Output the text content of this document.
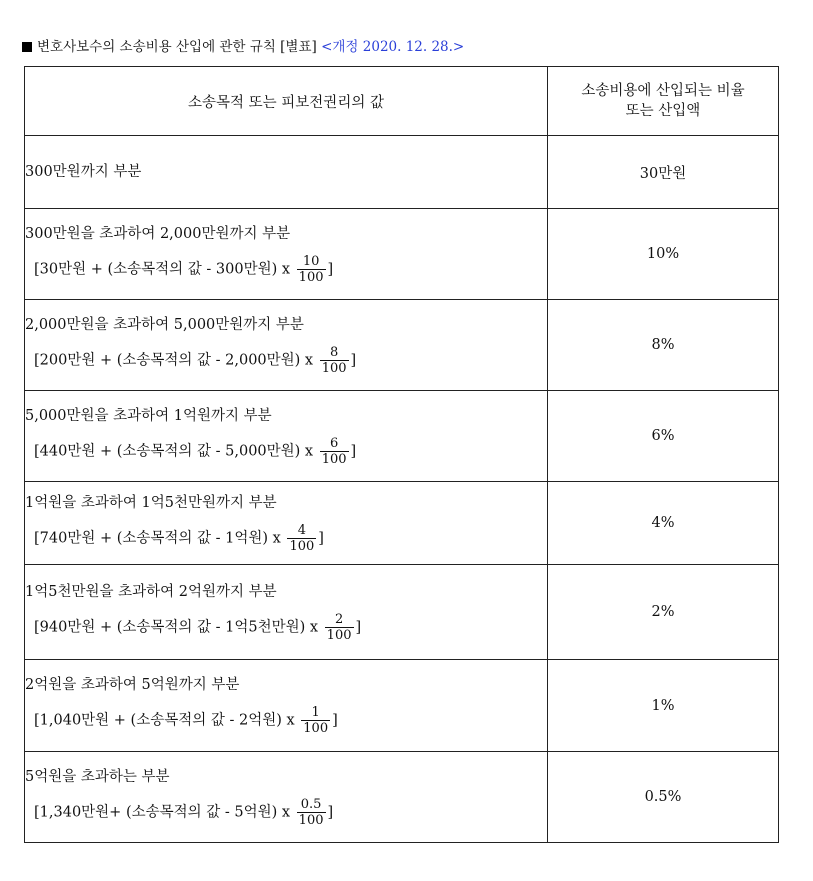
변호사보수의 소송비용 산입에 관한 규칙 [별표] <개정 2020. 12. 28.>
소송목적 또는 피보전권리의 값	소송비용에 산입되는 비율
또는 산입액

300만원까지 부분	30만원

300만원을 초과하여 2,000만원까지 부분
[30만원 + (소송목적의 값 - 300만원) x $\frac{10}{100}$ ]	10%

2,000만원을 초과하여 5,000만원까지 부분
[200만원 + (소송목적의 값 - 2,000만원) x $\frac{8}{100}$ ]	8%

5,000만원을 초과하여 1억원까지 부분
[440만원 + (소송목적의 값 - 5,000만원) x $\frac{6}{100}$ ]	6%

1억원을 초과하여 1억5천만원까지 부분
[740만원 + (소송목적의 값 - 1억원) x $\frac{4}{100}$ ]	4%

1억5천만원을 초과하여 2억원까지 부분
[940만원 + (소송목적의 값 - 1억5천만원) x $\frac{2}{100}$ ]	2%

2억원을 초과하여 5억원까지 부분
[1,040만원 + (소송목적의 값 - 2억원) x $\frac{1}{100}$ ]	1%

5억원을 초과하는 부분
[1,340만원+ (소송목적의 값 - 5억원) x $\frac{0.5}{100}$ ]	0.5%
